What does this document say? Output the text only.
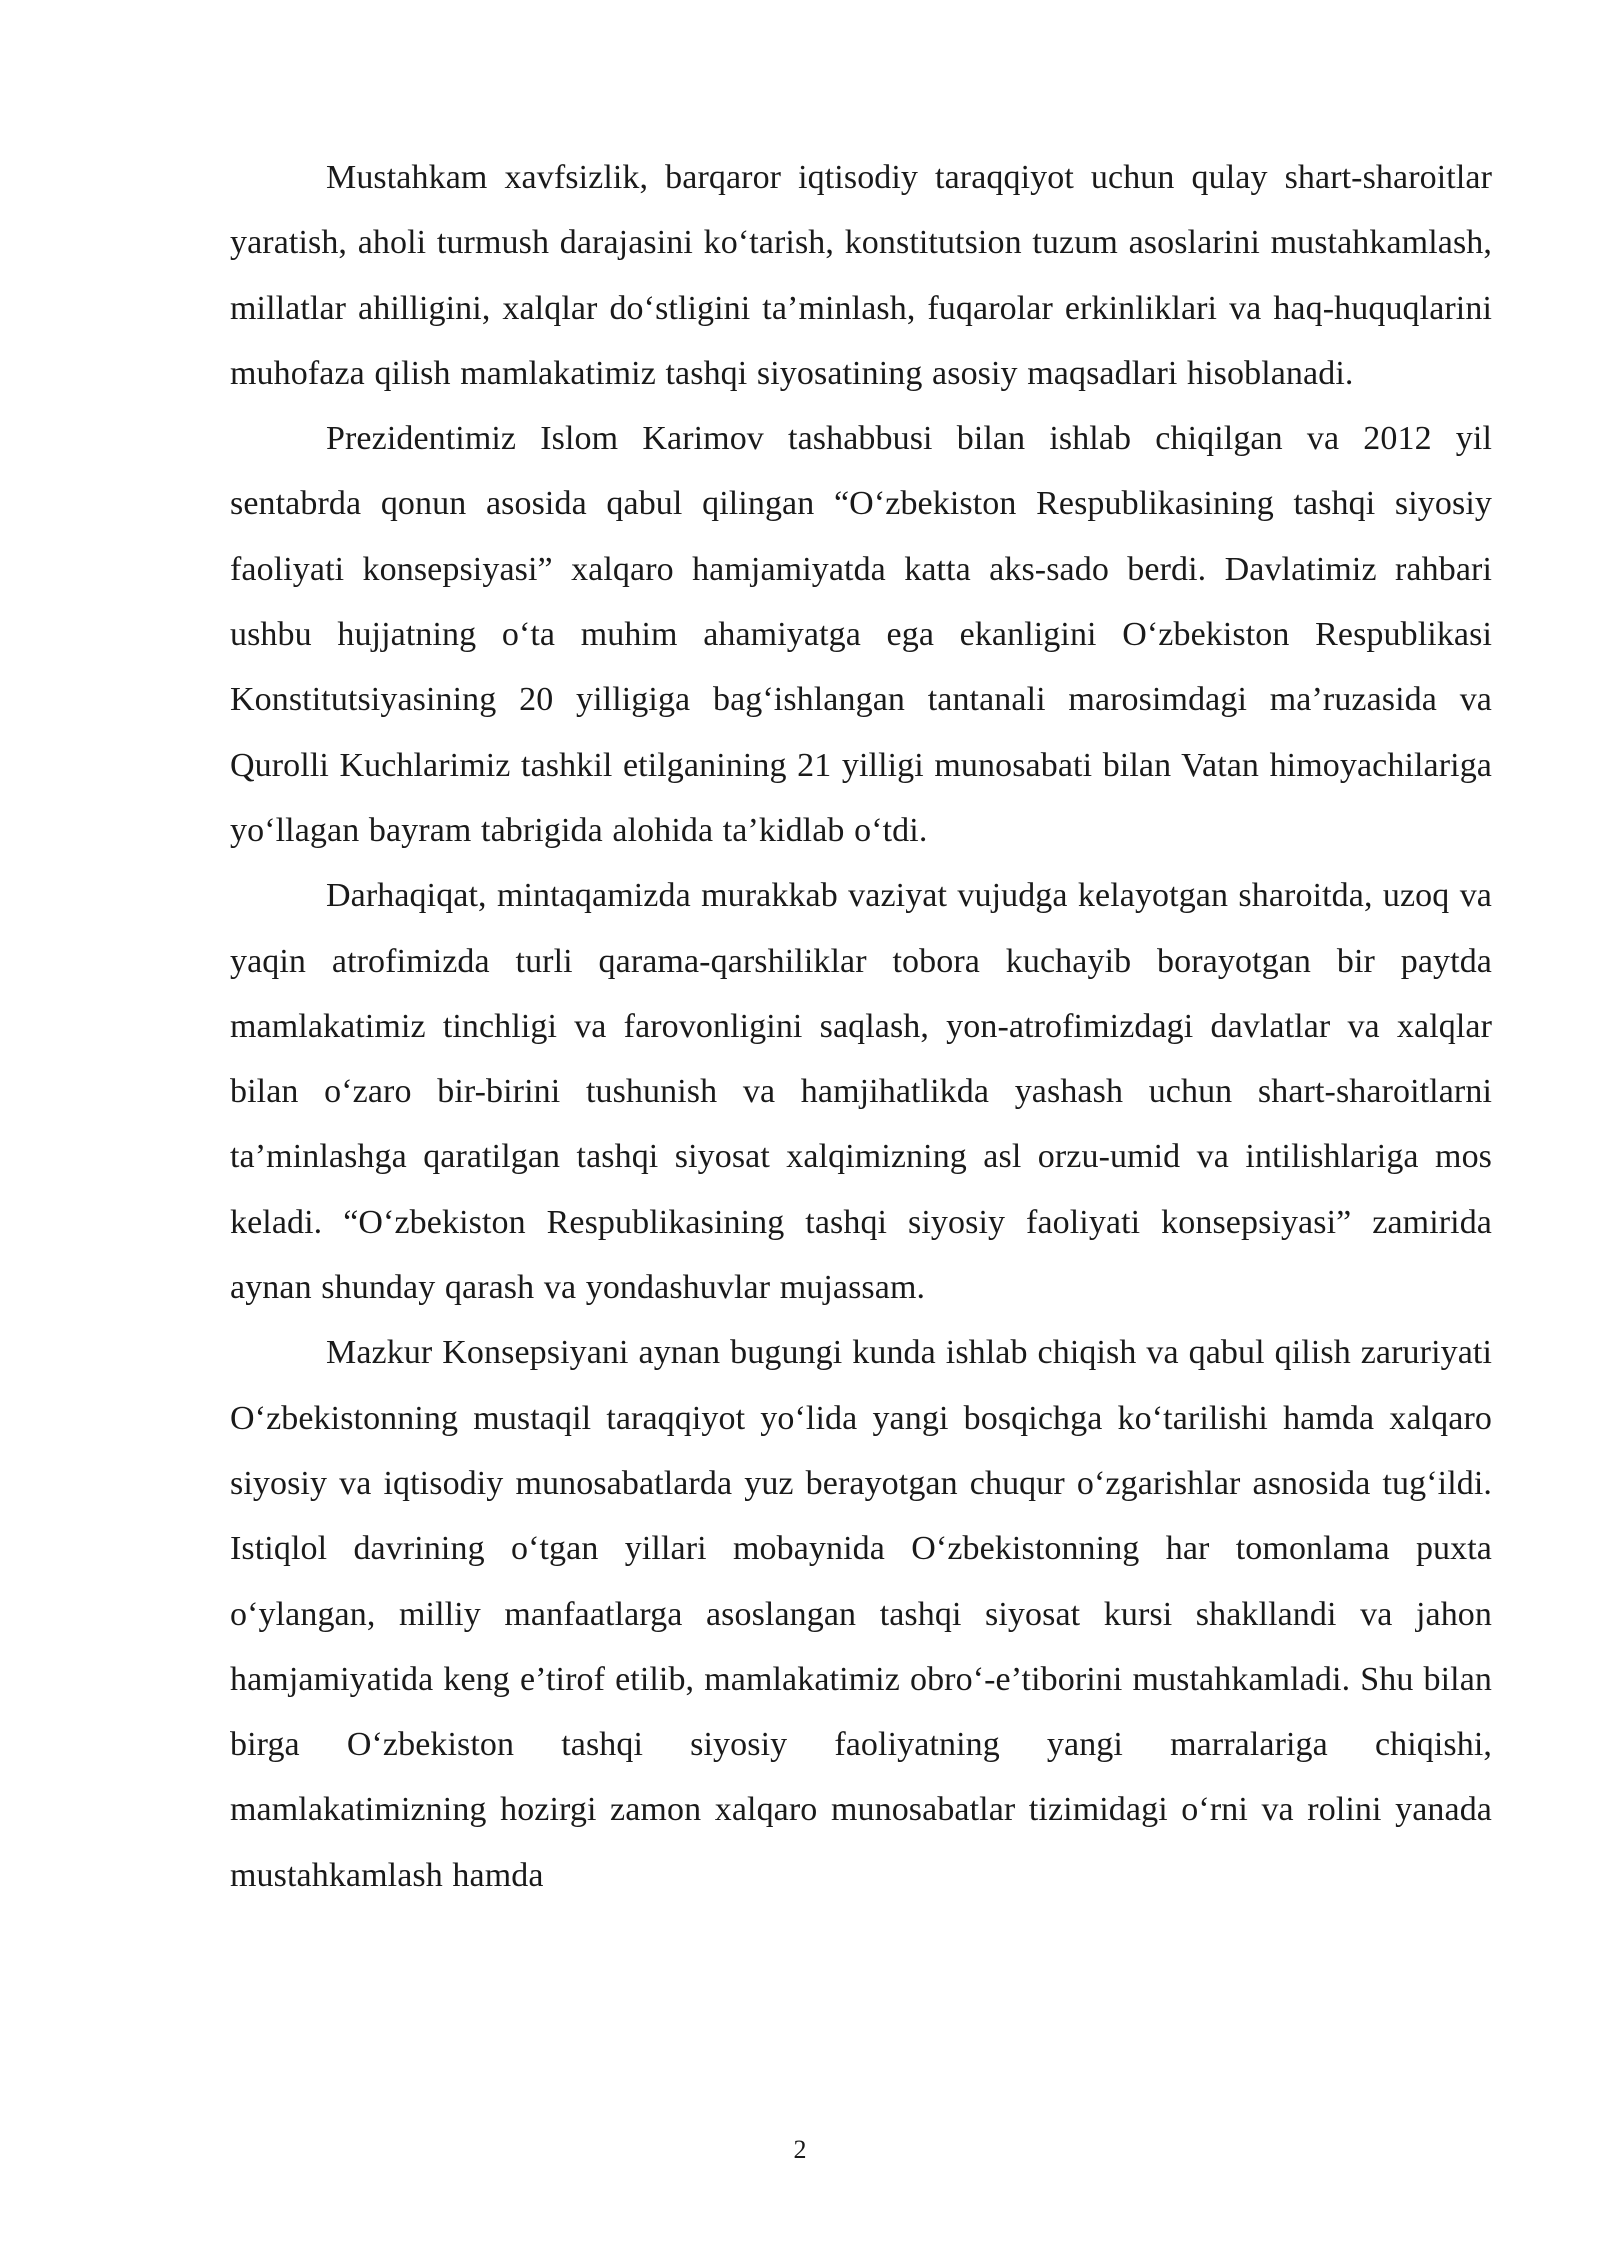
Mustahkam xavfsizlik, barqaror iqtisodiy taraqqiyot uchun qulay shart-sharoitlar yaratish, aholi turmush darajasini ko‘tarish, konstitutsion tuzum asoslarini mustahkamlash, millatlar ahilligini, xalqlar do‘stligini ta’minlash, fuqarolar erkinliklari va haq-huquqlarini muhofaza qilish mamlakatimiz tashqi siyosatining asosiy maqsadlari hisoblanadi.

Prezidentimiz Islom Karimov tashabbusi bilan ishlab chiqilgan va 2012 yil sentabrda qonun asosida qabul qilingan “O‘zbekiston Respublikasining tashqi siyosiy faoliyati konsepsiyasi” xalqaro hamjamiyatda katta aks-sado berdi. Davlatimiz rahbari ushbu hujjatning o‘ta muhim ahamiyatga ega ekanligini O‘zbekiston Respublikasi Konstitutsiyasining 20 yilligiga bag‘ishlangan tantanali marosimdagi ma’ruzasida va Qurolli Kuchlarimiz tashkil etilganining 21 yilligi munosabati bilan Vatan himoyachilariga yo‘llagan bayram tabrigida alohida ta’kidlab o‘tdi.

Darhaqiqat, mintaqamizda murakkab vaziyat vujudga kelayotgan sharoitda, uzoq va yaqin atrofimizda turli qarama-qarshiliklar tobora kuchayib borayotgan bir paytda mamlakatimiz tinchligi va farovonligini saqlash, yon-atrofimizdagi davlatlar va xalqlar bilan o‘zaro bir-birini tushunish va hamjihatlikda yashash uchun shart-sharoitlarni ta’minlashga qaratilgan tashqi siyosat xalqimizning asl orzu-umid va intilishlariga mos keladi. “O‘zbekiston Respublikasining tashqi siyosiy faoliyati konsepsiyasi” zamirida aynan shunday qarash va yondashuvlar mujassam.

Mazkur Konsepsiyani aynan bugungi kunda ishlab chiqish va qabul qilish zaruriyati O‘zbekistonning mustaqil taraqqiyot yo‘lida yangi bosqichga ko‘tarilishi hamda xalqaro siyosiy va iqtisodiy munosabatlarda yuz berayotgan chuqur o‘zgarishlar asnosida tug‘ildi. Istiqlol davrining o‘tgan yillari mobaynida O‘zbekistonning har tomonlama puxta o‘ylangan, milliy manfaatlarga asoslangan tashqi siyosat kursi shakllandi va jahon hamjamiyatida keng e’tirof etilib, mamlakatimiz obro‘-e’tiborini mustahkamladi. Shu bilan birga O‘zbekiston tashqi siyosiy faoliyatning yangi marralariga chiqishi, mamlakatimizning hozirgi zamon xalqaro munosabatlar tizimidagi o‘rni va rolini yanada mustahkamlash hamda

2
